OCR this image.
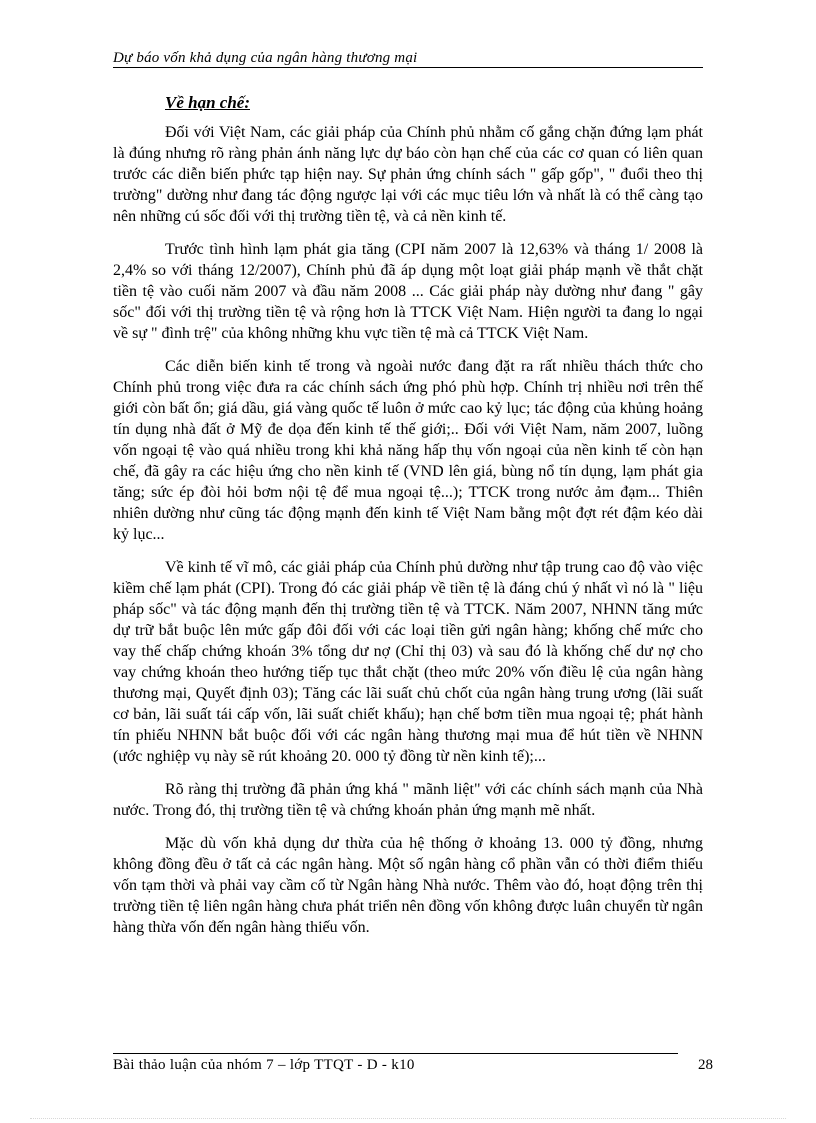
Dự báo vốn khả dụng của ngân hàng thương mại
Về hạn chế:

Đối với Việt Nam, các giải pháp của Chính phủ nhằm cố gắng chặn đứng lạm phát là đúng nhưng rõ ràng phản ánh năng lực dự báo còn hạn chế của các cơ quan có liên quan trước các diễn biến phức tạp hiện nay. Sự phản ứng chính sách " gấp gốp", " đuổi theo thị trường" dường như đang tác động ngược lại với các mục tiêu lớn và nhất là có thể càng tạo nên những cú sốc đối với thị trường tiền tệ, và cả nền kinh tế.

Trước tình hình lạm phát gia tăng (CPI năm 2007 là 12,63% và tháng 1/ 2008 là 2,4% so với tháng 12/2007), Chính phủ đã áp dụng một loạt giải pháp mạnh về thắt chặt tiền tệ vào cuối năm 2007 và đầu năm 2008 ... Các giải pháp này dường như đang " gây sốc" đối với thị trường tiền tệ và rộng hơn là TTCK Việt Nam. Hiện người ta đang lo ngại về sự " đình trệ" của không những khu vực tiền tệ mà cả TTCK Việt Nam.

Các diễn biến kinh tế trong và ngoài nước đang đặt ra rất nhiều thách thức cho Chính phủ trong việc đưa ra các chính sách ứng phó phù hợp. Chính trị nhiều nơi trên thế giới còn bất ổn; giá dầu, giá vàng quốc tế luôn ở mức cao kỷ lục; tác động của khủng hoảng tín dụng nhà đất ở Mỹ đe dọa đến kinh tế thế giới;.. Đối với Việt Nam, năm 2007, luồng vốn ngoại tệ vào quá nhiều trong khi khả năng hấp thụ vốn ngoại của nền kinh tế còn hạn chế, đã gây ra các hiệu ứng cho nền kinh tế (VND lên giá, bùng nổ tín dụng, lạm phát gia tăng; sức ép đòi hỏi bơm nội tệ để mua ngoại tệ...); TTCK trong nước ảm đạm... Thiên nhiên dường như cũng tác động mạnh đến kinh tế Việt Nam bằng một đợt rét đậm kéo dài kỷ lục...

Về kinh tế vĩ mô, các giải pháp của Chính phủ dường như tập trung cao độ vào việc kiềm chế lạm phát (CPI). Trong đó các giải pháp về tiền tệ là đáng chú ý nhất vì nó là " liệu pháp sốc" và tác động mạnh đến thị trường tiền tệ và TTCK. Năm 2007, NHNN tăng mức dự trữ bắt buộc lên mức gấp đôi đối với các loại tiền gửi ngân hàng; khống chế mức cho vay thế chấp chứng khoán 3% tổng dư nợ (Chỉ thị 03) và sau đó là khống chế dư nợ cho vay chứng khoán theo hướng tiếp tục thắt chặt (theo mức 20% vốn điều lệ của ngân hàng thương mại, Quyết định 03); Tăng các lãi suất chủ chốt của ngân hàng trung ương (lãi suất cơ bản, lãi suất tái cấp vốn, lãi suất chiết khấu); hạn chế bơm tiền mua ngoại tệ; phát hành tín phiếu NHNN bắt buộc đối với các ngân hàng thương mại mua để hút tiền về NHNN (ước nghiệp vụ này sẽ rút khoảng 20. 000 tỷ đồng từ nền kinh tế);...

Rõ ràng thị trường đã phản ứng khá " mãnh liệt" với các chính sách mạnh của Nhà nước. Trong đó, thị trường tiền tệ và chứng khoán phản ứng mạnh mẽ nhất.

Mặc dù vốn khả dụng dư thừa của hệ thống ở khoảng 13. 000 tỷ đồng, nhưng không đồng đều ở tất cả các ngân hàng. Một số ngân hàng cổ phần vẫn có thời điểm thiếu vốn tạm thời và phải vay cầm cố từ Ngân hàng Nhà nước. Thêm vào đó, hoạt động trên thị trường tiền tệ liên ngân hàng chưa phát triển nên đồng vốn không được luân chuyển từ ngân hàng thừa vốn đến ngân hàng thiếu vốn.

Bài thảo luận của nhóm 7 – lớp TTQT - D - k10	28
